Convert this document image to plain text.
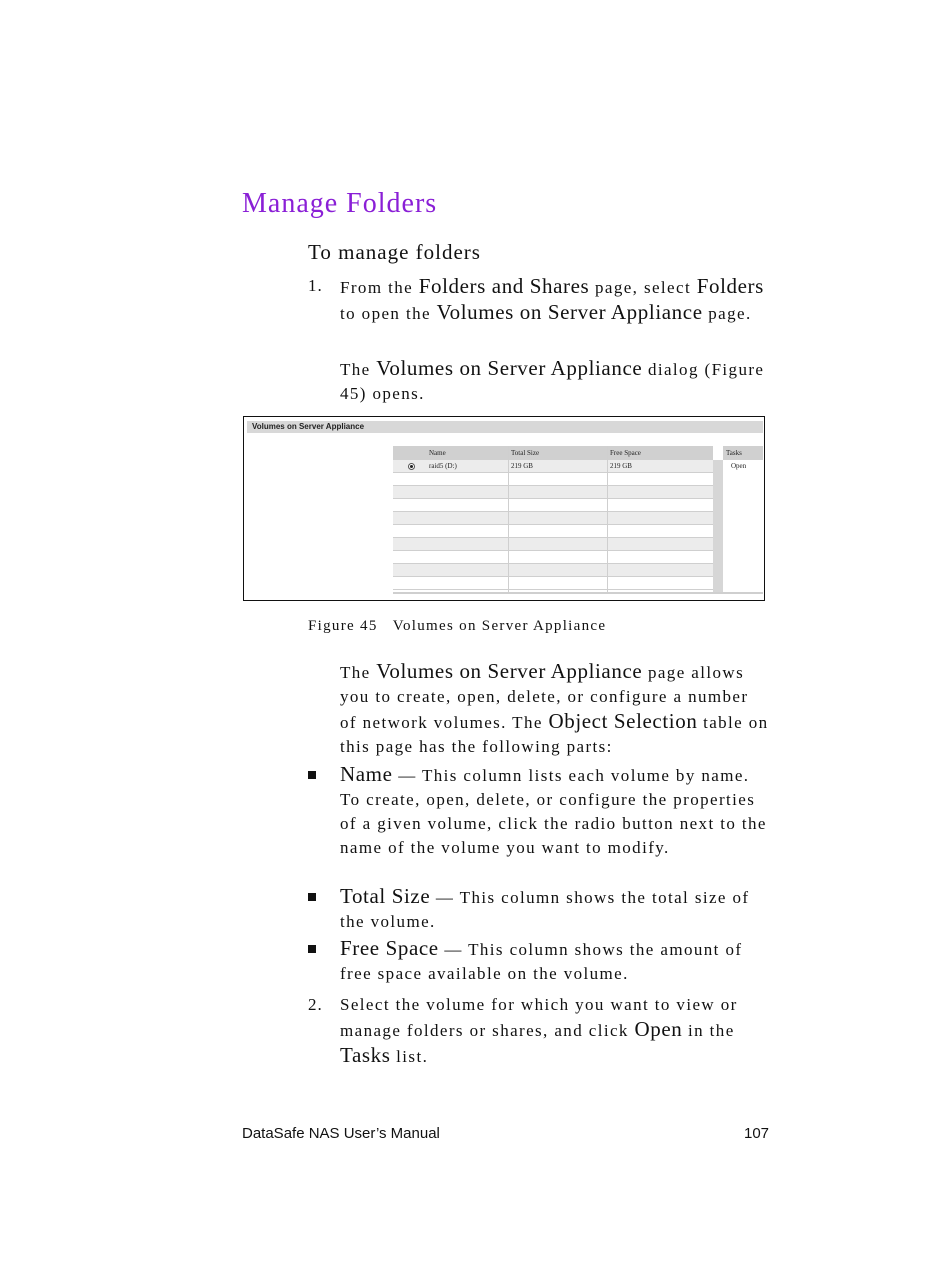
Manage Folders
To manage folders
1. From the Folders and Shares page, select Folders to open the Volumes on Server Appliance page.
The Volumes on Server Appliance dialog (Figure 45) opens.
Volumes on Server Appliance
Name	Total Size	Free Space	Tasks
raid5 (D:)	219 GB	219 GB	Open
Figure 45 Volumes on Server Appliance
The Volumes on Server Appliance page allows you to create, open, delete, or configure a number of network volumes. The Object Selection table on this page has the following parts:
Name — This column lists each volume by name. To create, open, delete, or configure the properties of a given volume, click the radio button next to the name of the volume you want to modify.
Total Size — This column shows the total size of the volume.
Free Space — This column shows the amount of free space available on the volume.
2. Select the volume for which you want to view or manage folders or shares, and click Open in the Tasks list.
DataSafe NAS User’s Manual	107
